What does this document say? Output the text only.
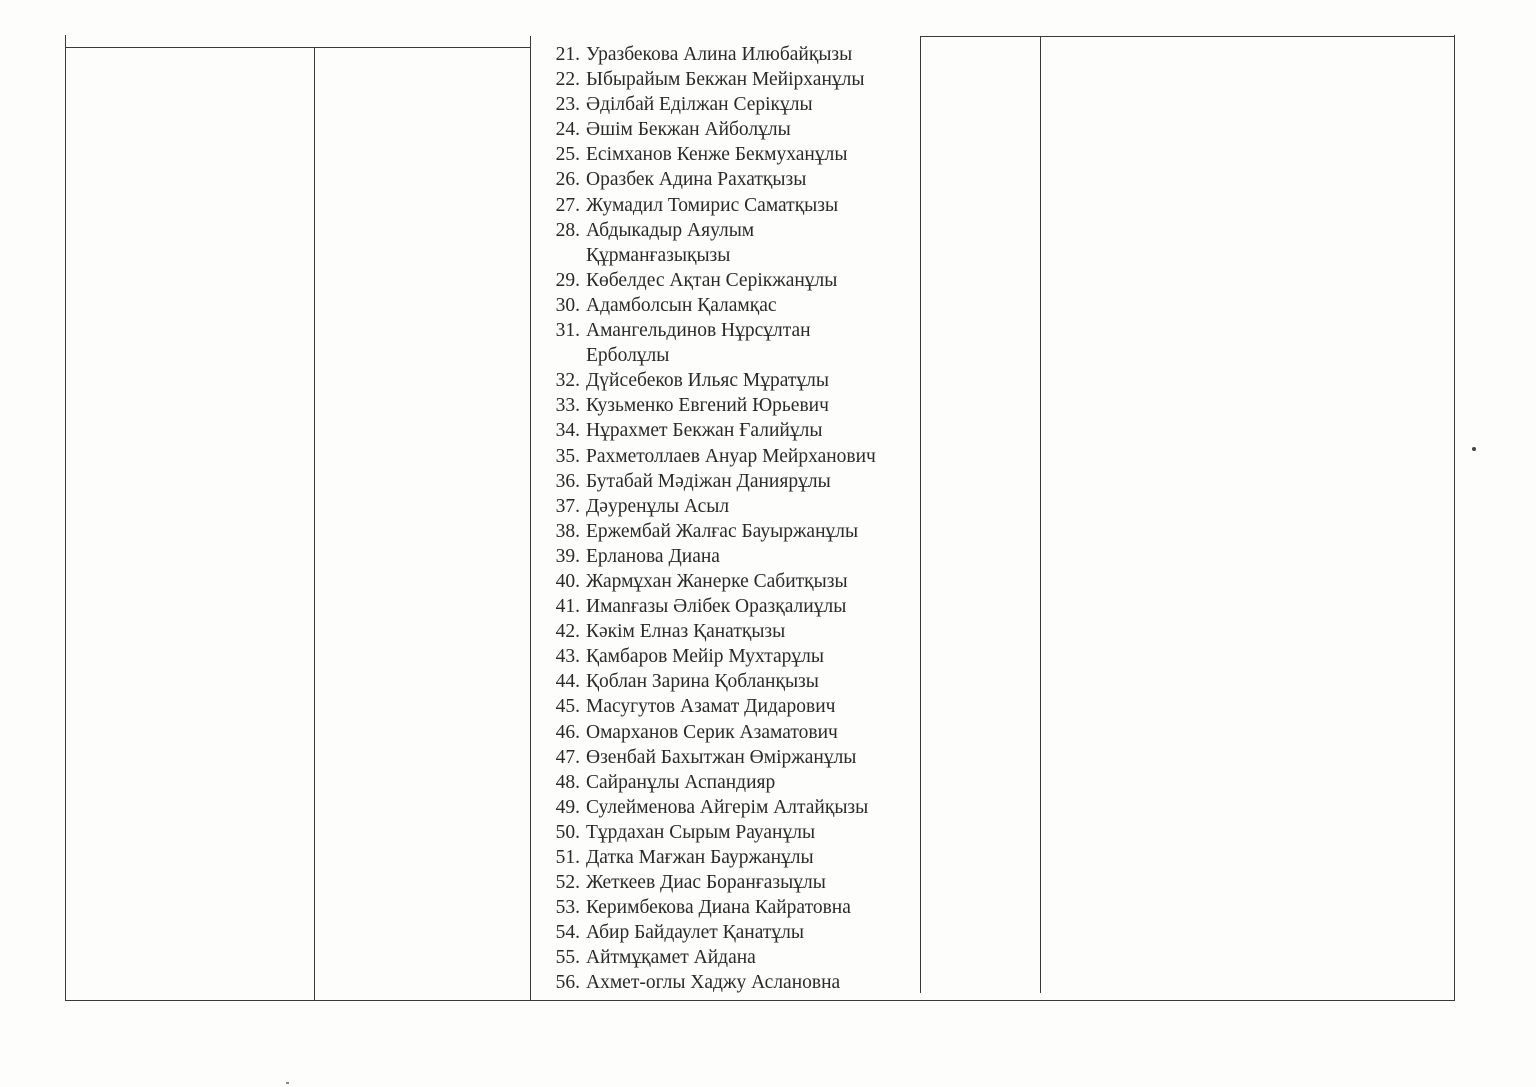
21. Уразбекова Алина Илюбайқызы
22. Ыбырайым Бекжан Мейірханұлы
23. Әділбай Еділжан Серікұлы
24. Әшім Бекжан Айболұлы
25. Есімханов Кенже Бекмуханұлы
26. Оразбек Адина Рахатқызы
27. Жумадил Томирис Саматқызы
28. Абдыкадыр Аяулым
Құрманғазықызы
29. Көбелдес Ақтан Серікжанұлы
30. Адамболсын Қаламқас
31. Амангельдинов Нұрсұлтан
Ерболұлы
32. Дүйсебеков Ильяс Мұратұлы
33. Кузьменко Евгений Юрьевич
34. Нұрахмет Бекжан Ғалийұлы
35. Рахметоллаев Ануар Мейрханович
36. Бутабай Мәдіжан Даниярұлы
37. Дәуренұлы Асыл
38. Ержембай Жалғас Бауыржанұлы
39. Ерланова Диана
40. Жармұхан Жанерке Сабитқызы
41. Имanғазы Әлібек Оразқалиұлы
42. Кәкім Елназ Қанатқызы
43. Қамбаров Мейір Мухтарұлы
44. Қоблан Зарина Қобланқызы
45. Масугутов Азамат Дидарович
46. Омарханов Серик Азаматович
47. Өзенбай Бахытжан Өміржанұлы
48. Сайранұлы Аспандияр
49. Сулейменова Айгерім Алтайқызы
50. Тұрдахан Сырым Рауанұлы
51. Датка Мағжан Бауржанұлы
52. Жеткеев Диас Боранғазыұлы
53. Керимбекова Диана Кайратовна
54. Абир Байдаулет Қанатұлы
55. Айтмұқамет Айдана
56. Ахмет-оглы Хаджу Аслановна
